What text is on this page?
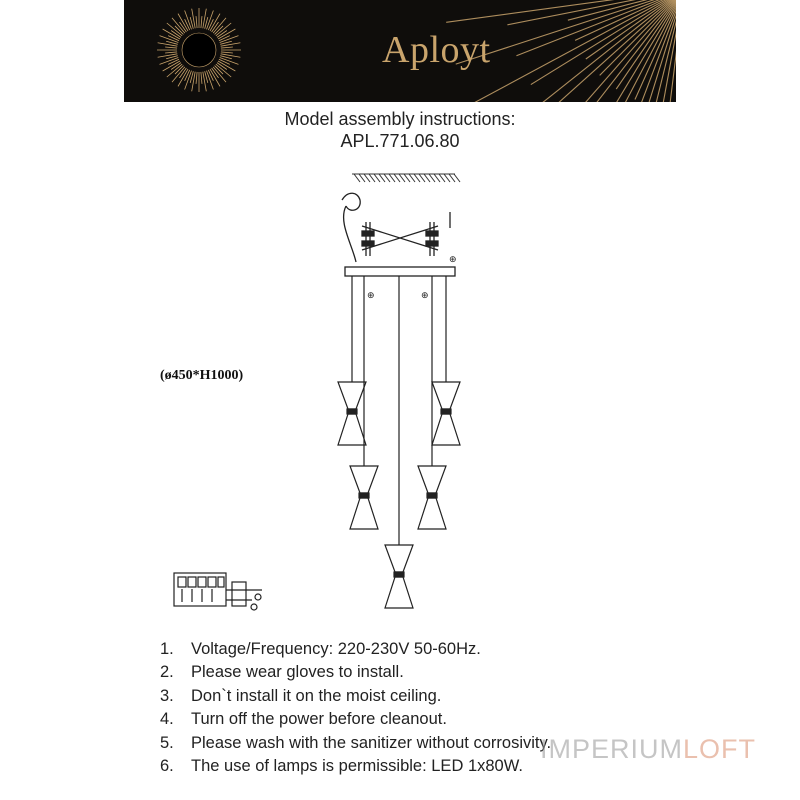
Aployt
Model assembly instructions:
APL.771.06.80
⊕
⊕	⊕
(ø450*H1000)
1. Voltage/Frequency: 220-230V 50-60Hz.
2. Please wear gloves to install.
3. Don`t install it on the moist ceiling.
4. Turn off the power before cleanout.
5. Please wash with the sanitizer without corrosivity.
6. The use of lamps is permissible: LED 1x80W.
IMPERIUMLOFT
